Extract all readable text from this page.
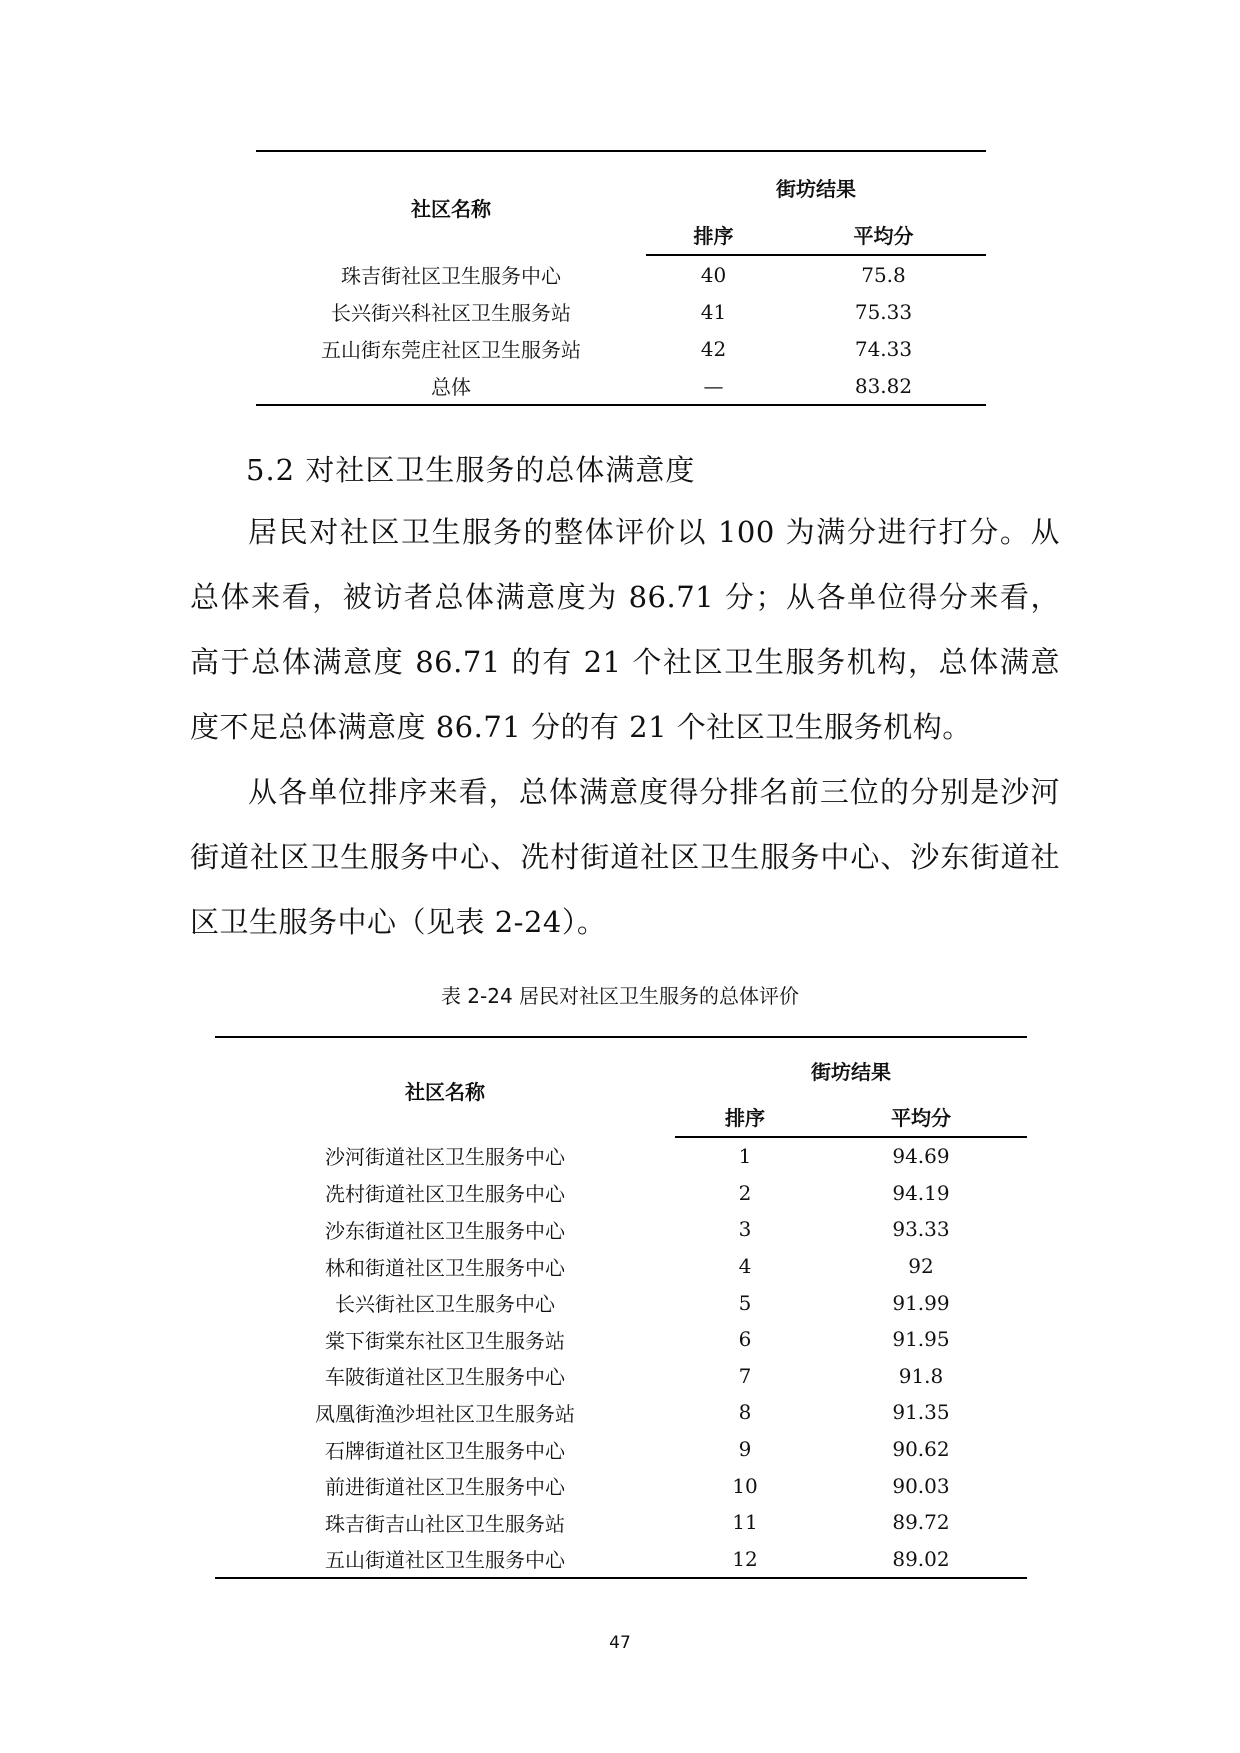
社区名称	街坊结果	
	排序	平均分
珠吉街社区卫生服务中心	40	75.8
长兴街兴科社区卫生服务站	41	75.33
五山街东莞庄社区卫生服务站	42	74.33
总体	—	83.82
5.2 对社区卫生服务的总体满意度

居民对社区卫生服务的整体评价以 100 为满分进行打分。从总体来看，被访者总体满意度为 86.71 分；从各单位得分来看，高于总体满意度 86.71 的有 21 个社区卫生服务机构，总体满意度不足总体满意度 86.71 分的有 21 个社区卫生服务机构。

从各单位排序来看，总体满意度得分排名前三位的分别是沙河街道社区卫生服务中心、冼村街道社区卫生服务中心、沙东街道社区卫生服务中心（见表 2-24）。

表 2-24 居民对社区卫生服务的总体评价

社区名称	街坊结果	
	排序	平均分
沙河街道社区卫生服务中心	1	94.69
冼村街道社区卫生服务中心	2	94.19
沙东街道社区卫生服务中心	3	93.33
林和街道社区卫生服务中心	4	92
长兴街社区卫生服务中心	5	91.99
棠下街棠东社区卫生服务站	6	91.95
车陂街道社区卫生服务中心	7	91.8
凤凰街渔沙坦社区卫生服务站	8	91.35
石牌街道社区卫生服务中心	9	90.62
前进街道社区卫生服务中心	10	90.03
珠吉街吉山社区卫生服务站	11	89.72
五山街道社区卫生服务中心	12	89.02
47
